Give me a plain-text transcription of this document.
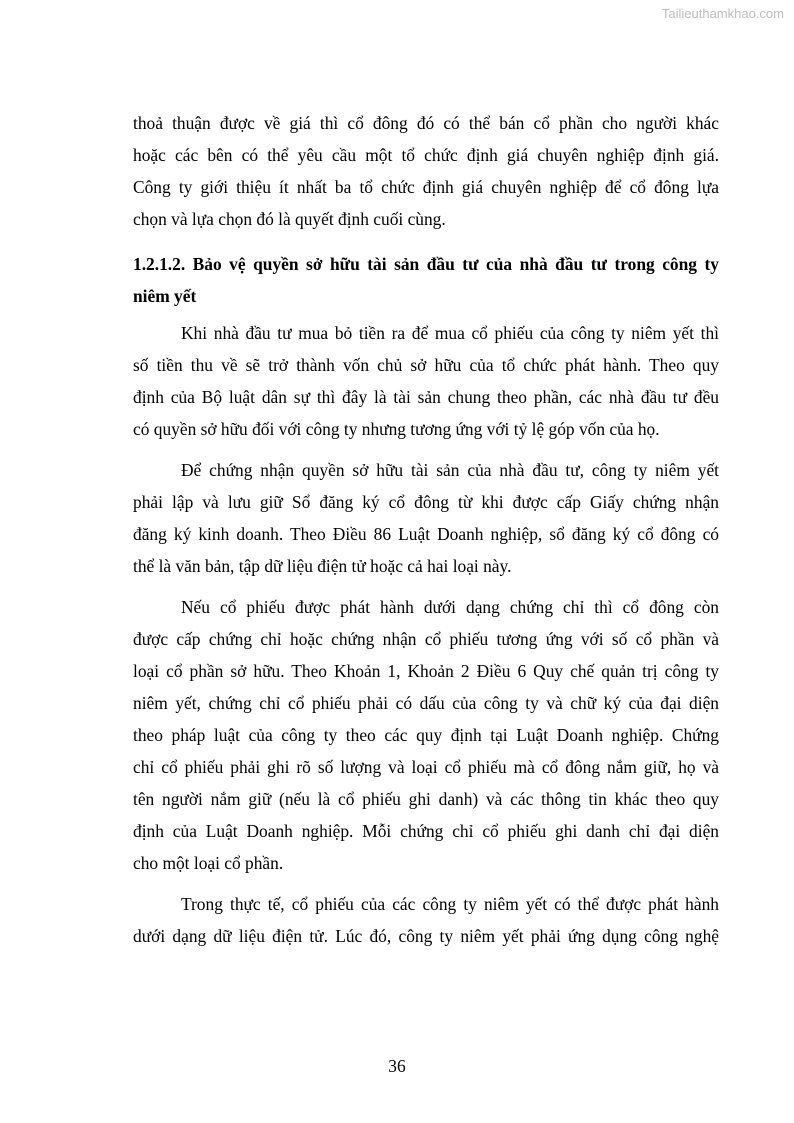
Tailieuthamkhao.com
thoả thuận được về giá thì cổ đông đó có thể bán cổ phần cho người khác
hoặc các bên có thể yêu cầu một tổ chức định giá chuyên nghiệp định giá.
Công ty giới thiệu ít nhất ba tổ chức định giá chuyên nghiệp để cổ đông lựa
chọn và lựa chọn đó là quyết định cuối cùng.
1.2.1.2. Bảo vệ quyền sở hữu tài sản đầu tư của nhà đầu tư trong công ty
niêm yết
Khi nhà đầu tư mua bỏ tiền ra để mua cổ phiếu của công ty niêm yết thì
số tiền thu về sẽ trở thành vốn chủ sở hữu của tổ chức phát hành. Theo quy
định của Bộ luật dân sự thì đây là tài sản chung theo phần, các nhà đầu tư đều
có quyền sở hữu đối với công ty nhưng tương ứng với tỷ lệ góp vốn của họ.
Để chứng nhận quyền sở hữu tài sản của nhà đầu tư, công ty niêm yết
phải lập và lưu giữ Sổ đăng ký cổ đông từ khi được cấp Giấy chứng nhận
đăng ký kinh doanh. Theo Điều 86 Luật Doanh nghiệp, sổ đăng ký cổ đông có
thể là văn bản, tập dữ liệu điện tử hoặc cả hai loại này.
Nếu cổ phiếu được phát hành dưới dạng chứng chỉ thì cổ đông còn
được cấp chứng chỉ hoặc chứng nhận cổ phiếu tương ứng với số cổ phần và
loại cổ phần sở hữu. Theo Khoản 1, Khoản 2 Điều 6 Quy chế quản trị công ty
niêm yết, chứng chỉ cổ phiếu phải có dấu của công ty và chữ ký của đại diện
theo pháp luật của công ty theo các quy định tại Luật Doanh nghiệp. Chứng
chỉ cổ phiếu phải ghi rõ số lượng và loại cổ phiếu mà cổ đông nắm giữ, họ và
tên người nắm giữ (nếu là cổ phiếu ghi danh) và các thông tin khác theo quy
định của Luật Doanh nghiệp. Mỗi chứng chỉ cổ phiếu ghi danh chỉ đại diện
cho một loại cổ phần.
Trong thực tế, cổ phiếu của các công ty niêm yết có thể được phát hành
dưới dạng dữ liệu điện tử. Lúc đó, công ty niêm yết phải ứng dụng công nghệ
36
